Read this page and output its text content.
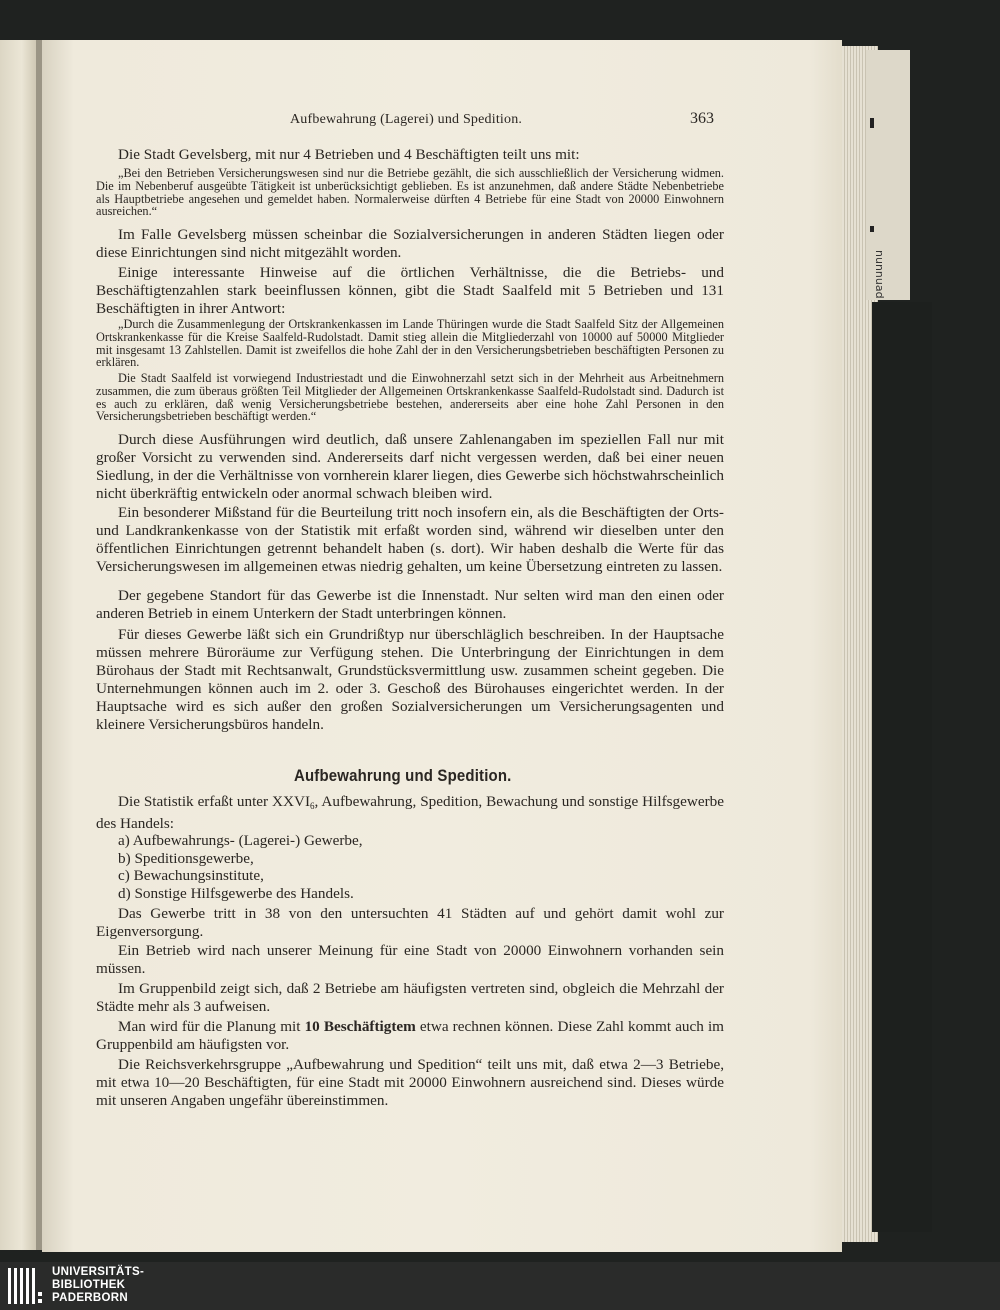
nunnuad
Aufbewahrung (Lagerei) und Spedition.	363

Die Stadt Gevelsberg, mit nur 4 Betrieben und 4 Beschäftigten teilt uns mit:

„Bei den Betrieben Versicherungswesen sind nur die Betriebe gezählt, die sich ausschließlich der Versicherung widmen. Die im Nebenberuf ausgeübte Tätigkeit ist unberücksichtigt geblieben. Es ist anzunehmen, daß andere Städte Nebenbetriebe als Hauptbetriebe angesehen und gemeldet haben. Normalerweise dürften 4 Betriebe für eine Stadt von 20000 Einwohnern ausreichen.“

Im Falle Gevelsberg müssen scheinbar die Sozialversicherungen in anderen Städten liegen oder diese Einrichtungen sind nicht mitgezählt worden.

Einige interessante Hinweise auf die örtlichen Verhältnisse, die die Betriebs- und Beschäftigtenzahlen stark beeinflussen können, gibt die Stadt Saalfeld mit 5 Betrieben und 131 Beschäftigten in ihrer Antwort:

„Durch die Zusammenlegung der Ortskrankenkassen im Lande Thüringen wurde die Stadt Saalfeld Sitz der Allgemeinen Ortskrankenkasse für die Kreise Saalfeld-Rudolstadt. Damit stieg allein die Mitgliederzahl von 10000 auf 50000 Mitglieder mit insgesamt 13 Zahlstellen. Damit ist zweifellos die hohe Zahl der in den Versicherungsbetrieben beschäftigten Personen zu erklären.

Die Stadt Saalfeld ist vorwiegend Industriestadt und die Einwohnerzahl setzt sich in der Mehrheit aus Arbeitnehmern zusammen, die zum überaus größten Teil Mitglieder der Allgemeinen Ortskrankenkasse Saalfeld-Rudolstadt sind. Dadurch ist es auch zu erklären, daß wenig Versicherungsbetriebe bestehen, andererseits aber eine hohe Zahl Personen in den Versicherungsbetrieben beschäftigt werden.“

Durch diese Ausführungen wird deutlich, daß unsere Zahlenangaben im speziellen Fall nur mit großer Vorsicht zu verwenden sind. Andererseits darf nicht vergessen werden, daß bei einer neuen Siedlung, in der die Verhältnisse von vornherein klarer liegen, dies Gewerbe sich höchstwahrscheinlich nicht überkräftig entwickeln oder anormal schwach bleiben wird.

Ein besonderer Mißstand für die Beurteilung tritt noch insofern ein, als die Beschäftigten der Orts- und Landkrankenkasse von der Statistik mit erfaßt worden sind, während wir dieselben unter den öffentlichen Einrichtungen getrennt behandelt haben (s. dort). Wir haben deshalb die Werte für das Versicherungswesen im allgemeinen etwas niedrig gehalten, um keine Übersetzung eintreten zu lassen.

Der gegebene Standort für das Gewerbe ist die Innenstadt. Nur selten wird man den einen oder anderen Betrieb in einem Unterkern der Stadt unterbringen können.

Für dieses Gewerbe läßt sich ein Grundrißtyp nur überschläglich beschreiben. In der Hauptsache müssen mehrere Büroräume zur Verfügung stehen. Die Unterbringung der Einrichtungen in dem Bürohaus der Stadt mit Rechtsanwalt, Grundstücksvermittlung usw. zusammen scheint gegeben. Die Unternehmungen können auch im 2. oder 3. Geschoß des Bürohauses eingerichtet werden. In der Hauptsache wird es sich außer den großen Sozialversicherungen um Versicherungsagenten und kleinere Versicherungsbüros handeln.

Aufbewahrung und Spedition.

Die Statistik erfaßt unter $XXVI_6$, Aufbewahrung, Spedition, Bewachung und sonstige Hilfsgewerbe des Handels:

a) Aufbewahrungs- (Lagerei-) Gewerbe,
b) Speditionsgewerbe,
c) Bewachungsinstitute,
d) Sonstige Hilfsgewerbe des Handels.

Das Gewerbe tritt in 38 von den untersuchten 41 Städten auf und gehört damit wohl zur Eigenversorgung.

Ein Betrieb wird nach unserer Meinung für eine Stadt von 20000 Einwohnern vorhanden sein müssen.

Im Gruppenbild zeigt sich, daß 2 Betriebe am häufigsten vertreten sind, obgleich die Mehrzahl der Städte mehr als 3 aufweisen.

Man wird für die Planung mit 10 Beschäftigtem etwa rechnen können. Diese Zahl kommt auch im Gruppenbild am häufigsten vor.

Die Reichsverkehrsgruppe „Aufbewahrung und Spedition“ teilt uns mit, daß etwa 2—3 Betriebe, mit etwa 10—20 Beschäftigten, für eine Stadt mit 20000 Einwohnern ausreichend sind. Dieses würde mit unseren Angaben ungefähr übereinstimmen.

UNIVERSITÄTS-
BIBLIOTHEK
PADERBORN
